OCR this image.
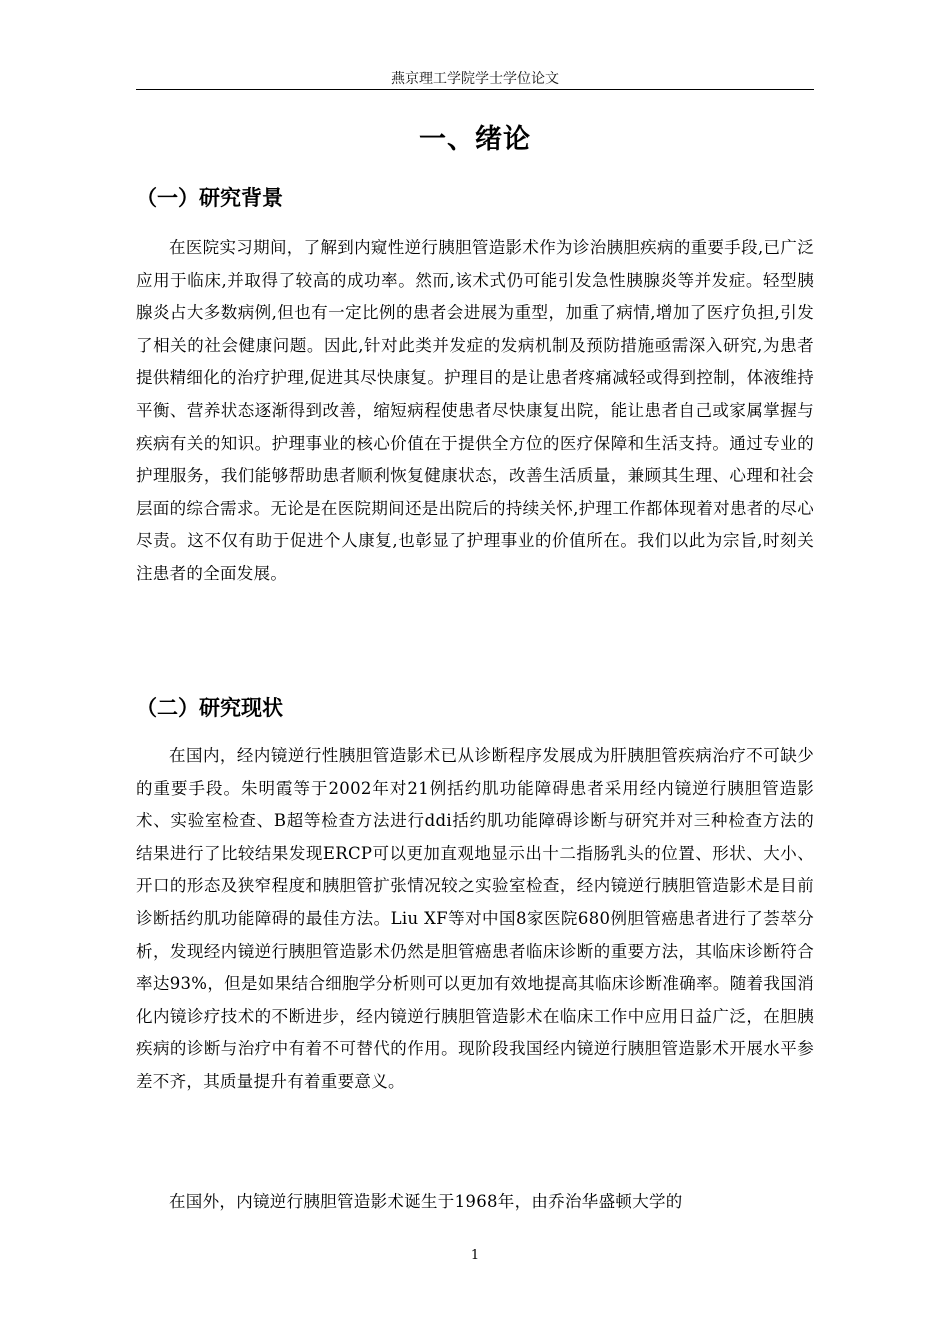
燕京理工学院学士学位论文
一、绪论
（一）研究背景

在医院实习期间，了解到内窥性逆行胰胆管造影术作为诊治胰胆疾病的重要手段,已广泛应用于临床,并取得了较高的成功率。然而,该术式仍可能引发急性胰腺炎等并发症。轻型胰腺炎占大多数病例,但也有一定比例的患者会进展为重型，加重了病情,增加了医疗负担,引发了相关的社会健康问题。因此,针对此类并发症的发病机制及预防措施亟需深入研究,为患者提供精细化的治疗护理,促进其尽快康复。护理目的是让患者疼痛减轻或得到控制，体液维持平衡、营养状态逐渐得到改善，缩短病程使患者尽快康复出院，能让患者自己或家属掌握与疾病有关的知识。护理事业的核心价值在于提供全方位的医疗保障和生活支持。通过专业的护理服务，我们能够帮助患者顺利恢复健康状态，改善生活质量，兼顾其生理、心理和社会层面的综合需求。无论是在医院期间还是出院后的持续关怀,护理工作都体现着对患者的尽心尽责。这不仅有助于促进个人康复,也彰显了护理事业的价值所在。我们以此为宗旨,时刻关注患者的全面发展。

（二）研究现状

在国内，经内镜逆行性胰胆管造影术已从诊断程序发展成为肝胰胆管疾病治疗不可缺少的重要手段。朱明霞等于2002年对21例括约肌功能障碍患者采用经内镜逆行胰胆管造影术、实验室检查、B超等检查方法进行ddi括约肌功能障碍诊断与研究并对三种检查方法的结果进行了比较结果发现ERCP可以更加直观地显示出十二指肠乳头的位置、形状、大小、开口的形态及狭窄程度和胰胆管扩张情况较之实验室检查，经内镜逆行胰胆管造影术是目前诊断括约肌功能障碍的最佳方法。Liu XF等对中国8家医院680例胆管癌患者进行了荟萃分析，发现经内镜逆行胰胆管造影术仍然是胆管癌患者临床诊断的重要方法，其临床诊断符合率达93%，但是如果结合细胞学分析则可以更加有效地提高其临床诊断准确率。随着我国消化内镜诊疗技术的不断进步，经内镜逆行胰胆管造影术在临床工作中应用日益广泛，在胆胰疾病的诊断与治疗中有着不可替代的作用。现阶段我国经内镜逆行胰胆管造影术开展水平参差不齐，其质量提升有着重要意义。

在国外，内镜逆行胰胆管造影术诞生于1968年，由乔治华盛顿大学的

1
